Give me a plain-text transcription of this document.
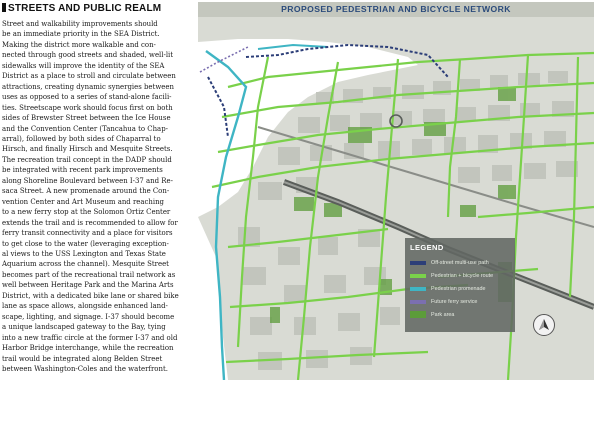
STREETS AND PUBLIC REALM

Street and walkability improvements should
be an immediate priority in the SEA District.
Making the district more walkable and con-
nected through good streets and shaded, well-lit
sidewalks will improve the identity of the SEA
District as a place to stroll and circulate between
attractions, creating dynamic synergies between
uses as opposed to a series of stand-alone facili-
ties. Streetscape work should focus first on both
sides of Brewster Street between the Ice House
and the Convention Center (Tancahua to Chap-
arral), followed by both sides of Chaparral to
Hirsch, and finally Hirsch and Mesquite Streets.
The recreation trail concept in the DADP should
be integrated with recent park improvements
along Shoreline Boulevard between I-37 and Re-
saca Street. A new promenade around the Con-
vention Center and Art Museum and reaching
to a new ferry stop at the Solomon Ortiz Center
extends the trail and is recommended to allow for
ferry transit connectivity and a place for visitors
to get close to the water (leveraging exception-
al views to the USS Lexington and Texas State
Aquarium across the channel). Mesquite Street
becomes part of the recreational trail network as
well between Heritage Park and the Marina Arts
District, with a dedicated bike lane or shared bike
lane as space allows, alongside enhanced land-
scape, lighting, and signage. I-37 should become
a unique landscaped gateway to the Bay, tying
into a new traffic circle at the former I-37 and old
Harbor Bridge interchange, while the recreation
trail would be integrated along Belden Street
between Washington-Coles and the waterfront.

PROPOSED PEDESTRIAN AND BICYCLE NETWORK
LEGEND
Off-street multi-use path
Pedestrian + bicycle route
Pedestrian promenade
Future ferry service
Park area
